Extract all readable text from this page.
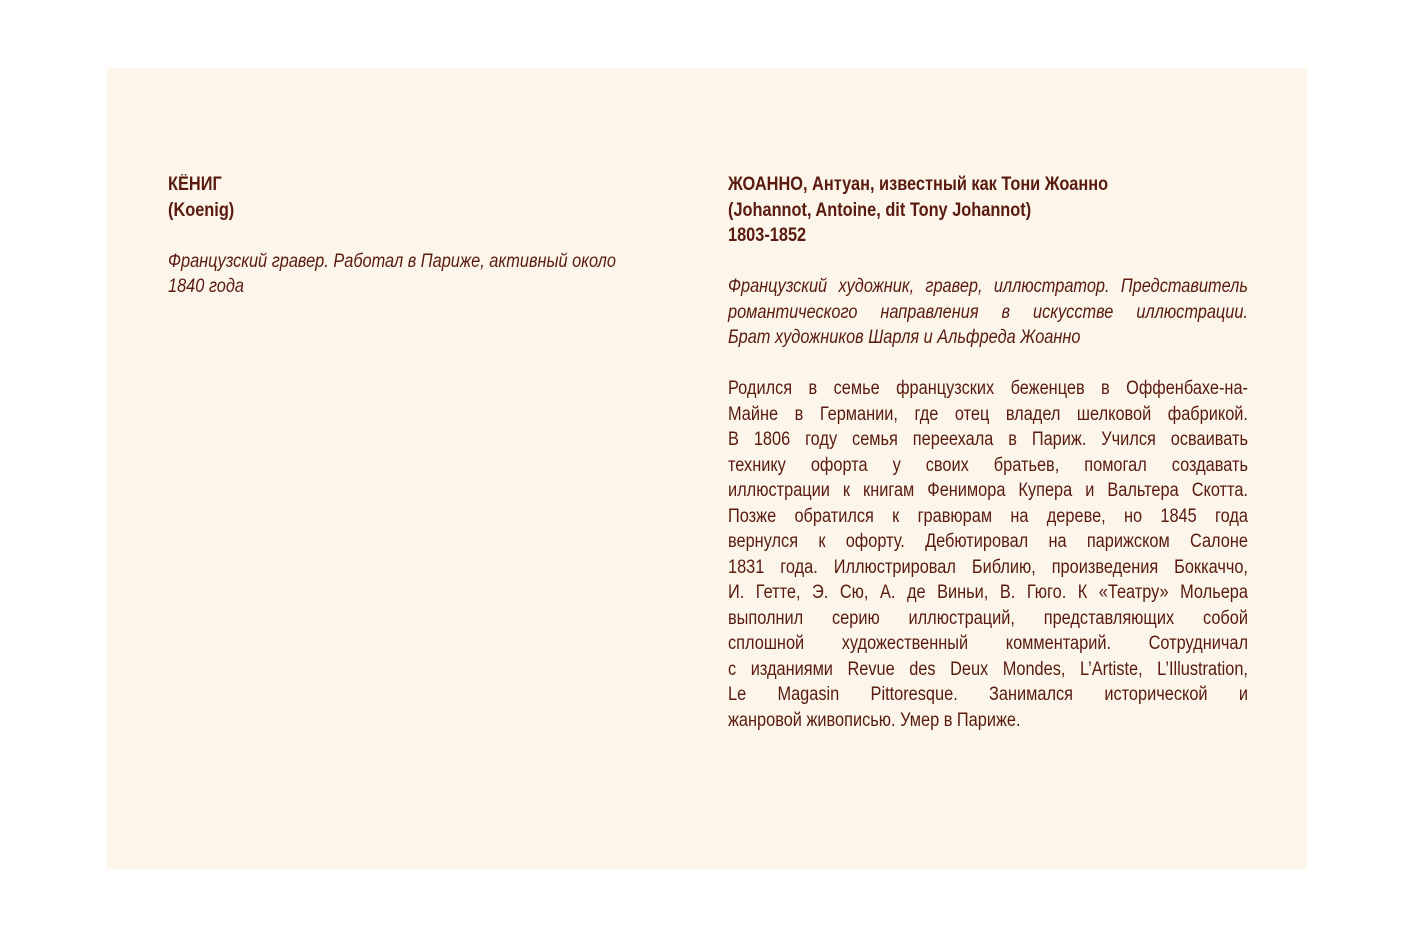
КЁНИГ
(Koenig)
Французский гравер. Работал в Париже, активный около
1840 года
ЖОАННО, Антуан, известный как Тони Жоанно
(Johannot, Antoine, dit Tony Johannot)
1803-1852
Французский художник, гравер, иллюстратор. Представитель
романтического направления в искусстве иллюстрации.
Брат художников Шарля и Альфреда Жоанно
Родился в семье французских беженцев в Оффенбахе-на-
Майне в Германии, где отец владел шелковой фабрикой.
В 1806 году семья переехала в Париж. Учился осваивать
технику офорта у своих братьев, помогал создавать
иллюстрации к книгам Фенимора Купера и Вальтера Скотта.
Позже обратился к гравюрам на дереве, но 1845 года
вернулся к офорту. Дебютировал на парижском Салоне
1831 года. Иллюстрировал Библию, произведения Боккаччо,
И. Гетте, Э. Сю, А. де Виньи, В. Гюго. К «Театру» Мольера
выполнил серию иллюстраций, представляющих собой
сплошной художественный комментарий. Сотрудничал
с изданиями Revue des Deux Mondes, L’Artiste, L’Illustration,
Le Magasin Pittoresque. Занимался исторической и
жанровой живописью. Умер в Париже.
